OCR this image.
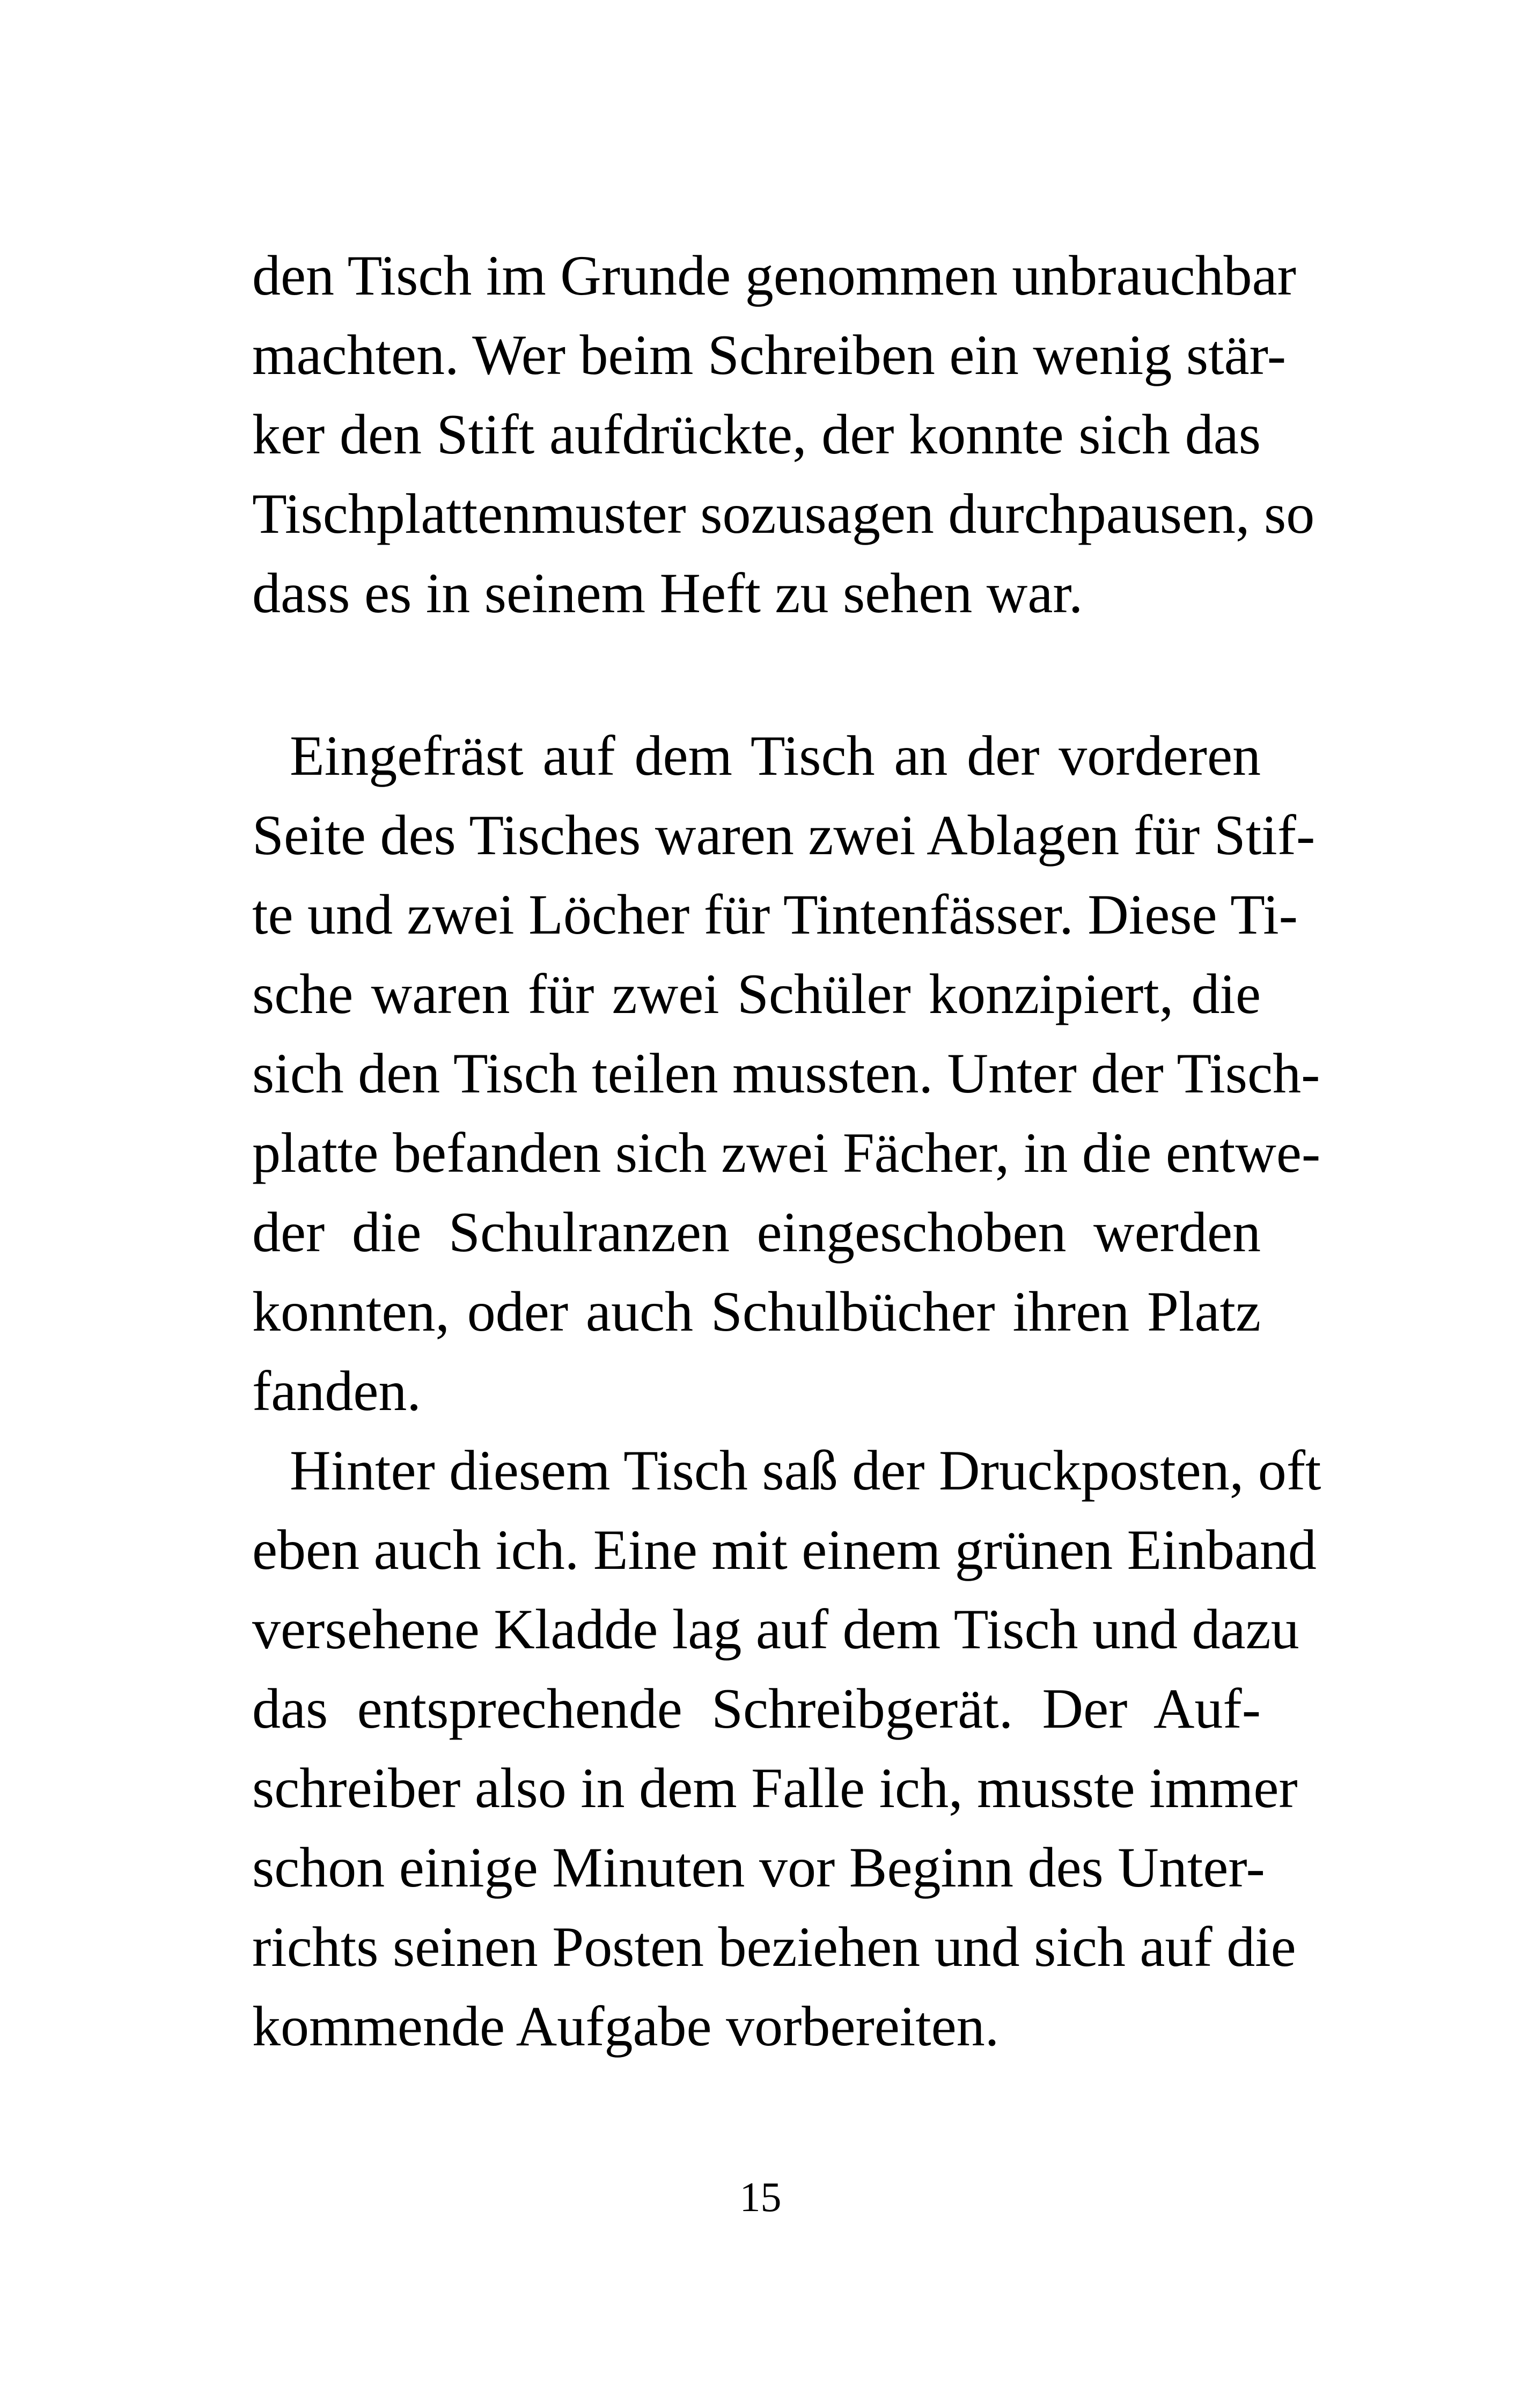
den Tisch im Grunde genommen unbrauchbar
machten. Wer beim Schreiben ein wenig stär-
ker den Stift aufdrückte, der konnte sich das
Tischplattenmuster sozusagen durchpausen, so
dass es in seinem Heft zu sehen war.
Eingefräst auf dem Tisch an der vorderen
Seite des Tisches waren zwei Ablagen für Stif-
te und zwei Löcher für Tintenfässer. Diese Ti-
sche waren für zwei Schüler konzipiert, die
sich den Tisch teilen mussten. Unter der Tisch-
platte befanden sich zwei Fächer, in die entwe-
der die Schulranzen eingeschoben werden
konnten, oder auch Schulbücher ihren Platz
fanden.
Hinter diesem Tisch saß der Druckposten, oft
eben auch ich. Eine mit einem grünen Einband
versehene Kladde lag auf dem Tisch und dazu
das entsprechende Schreibgerät. Der Auf-
schreiber also in dem Falle ich, musste immer
schon einige Minuten vor Beginn des Unter-
richts seinen Posten beziehen und sich auf die
kommende Aufgabe vorbereiten.
15
